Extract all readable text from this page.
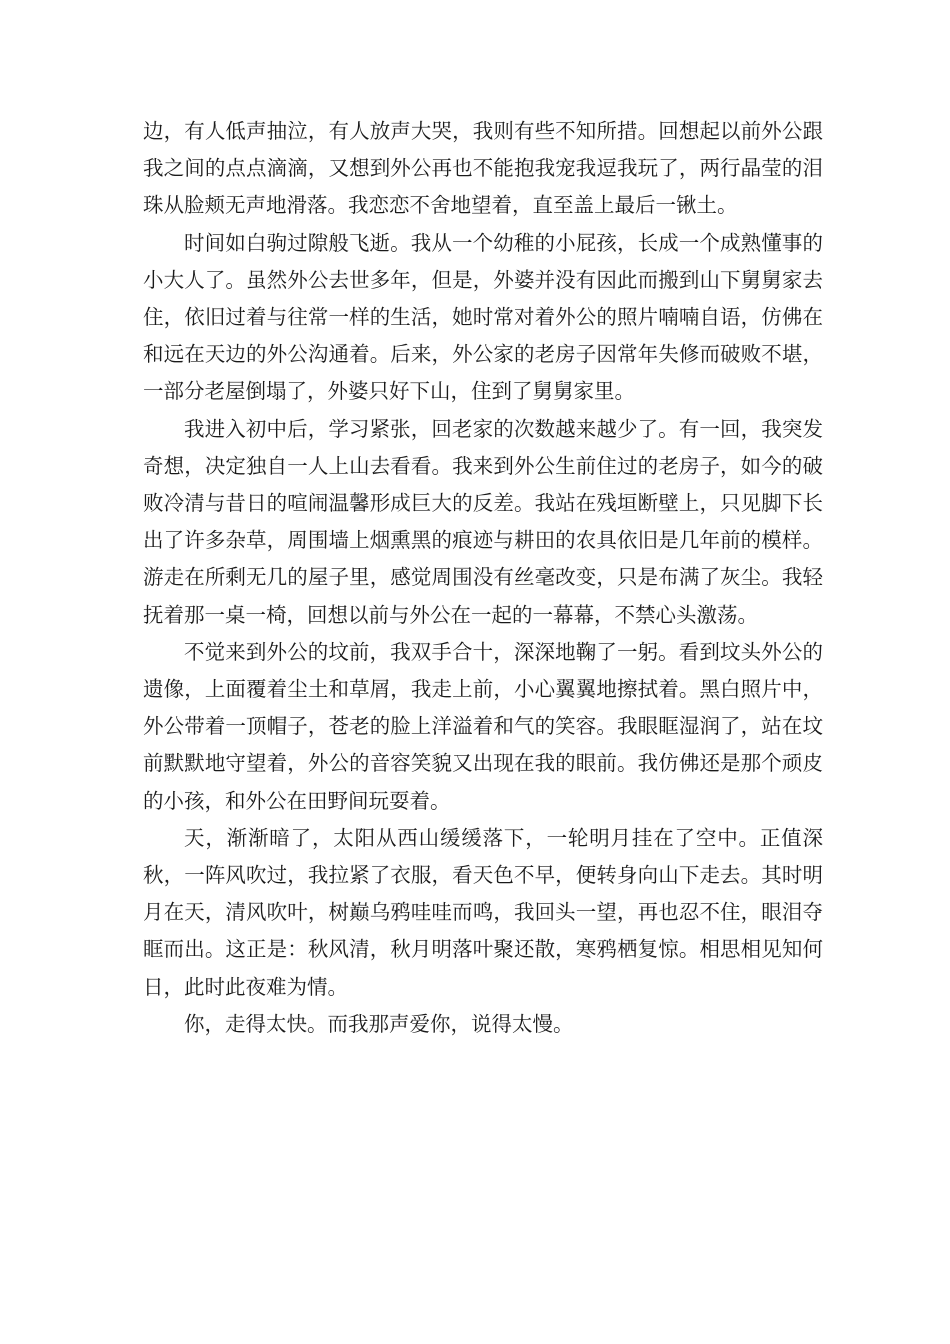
边，有人低声抽泣，有人放声大哭，我则有些不知所措。回想起以前外公跟我之间的点点滴滴，又想到外公再也不能抱我宠我逗我玩了，两行晶莹的泪珠从脸颊无声地滑落。我恋恋不舍地望着，直至盖上最后一锹土。

时间如白驹过隙般飞逝。我从一个幼稚的小屁孩，长成一个成熟懂事的小大人了。虽然外公去世多年，但是，外婆并没有因此而搬到山下舅舅家去住，依旧过着与往常一样的生活，她时常对着外公的照片喃喃自语，仿佛在和远在天边的外公沟通着。后来，外公家的老房子因常年失修而破败不堪，一部分老屋倒塌了，外婆只好下山，住到了舅舅家里。

我进入初中后，学习紧张，回老家的次数越来越少了。有一回，我突发奇想，决定独自一人上山去看看。我来到外公生前住过的老房子，如今的破败冷清与昔日的喧闹温馨形成巨大的反差。我站在残垣断壁上，只见脚下长出了许多杂草，周围墙上烟熏黑的痕迹与耕田的农具依旧是几年前的模样。游走在所剩无几的屋子里，感觉周围没有丝毫改变，只是布满了灰尘。我轻抚着那一桌一椅，回想以前与外公在一起的一幕幕，不禁心头激荡。

不觉来到外公的坟前，我双手合十，深深地鞠了一躬。看到坟头外公的遗像，上面覆着尘土和草屑，我走上前，小心翼翼地擦拭着。黑白照片中，外公带着一顶帽子，苍老的脸上洋溢着和气的笑容。我眼眶湿润了，站在坟前默默地守望着，外公的音容笑貌又出现在我的眼前。我仿佛还是那个顽皮的小孩，和外公在田野间玩耍着。

天，渐渐暗了，太阳从西山缓缓落下，一轮明月挂在了空中。正值深秋，一阵风吹过，我拉紧了衣服，看天色不早，便转身向山下走去。其时明月在天，清风吹叶，树巅乌鸦哇哇而鸣，我回头一望，再也忍不住，眼泪夺眶而出。这正是：秋风清，秋月明落叶聚还散，寒鸦栖复惊。相思相见知何日，此时此夜难为情。

你，走得太快。而我那声爱你，说得太慢。
